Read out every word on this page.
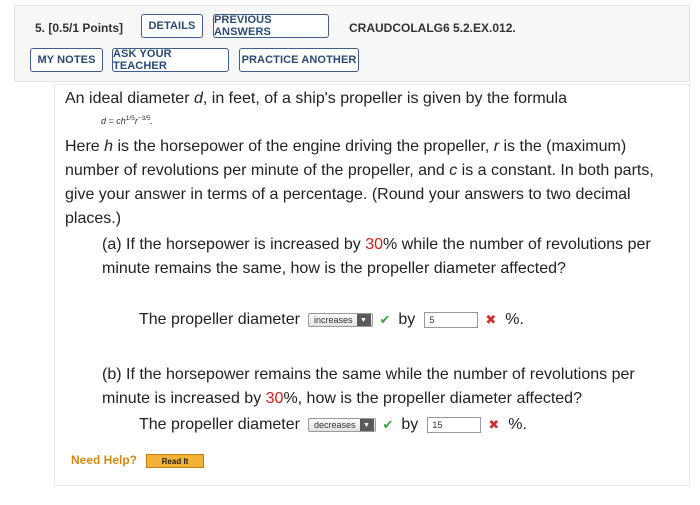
5. [0.5/1 Points]	DETAILS	PREVIOUS ANSWERS	CRAUDCOLALG6 5.2.EX.012.
MY NOTES	ASK YOUR TEACHER	PRACTICE ANOTHER
An ideal diameter d, in feet, of a ship's propeller is given by the formula
$d = ch^{1/5}r^{-3/5}$.
Here h is the horsepower of the engine driving the propeller, r is the (maximum) number of revolutions per minute of the propeller, and c is a constant. In both parts, give your answer in terms of a percentage. (Round your answers to two decimal places.)
(a) If the horsepower is increased by 30% while the number of revolutions per minute remains the same, how is the propeller diameter affected?
The propeller diameter	increases	▼ ✔ by	5	✖ %.
(b) If the horsepower remains the same while the number of revolutions per minute is increased by 30%, how is the propeller diameter affected?
The propeller diameter	decreases	▼ ✔ by	15	✖ %.
Need Help?	Read It
